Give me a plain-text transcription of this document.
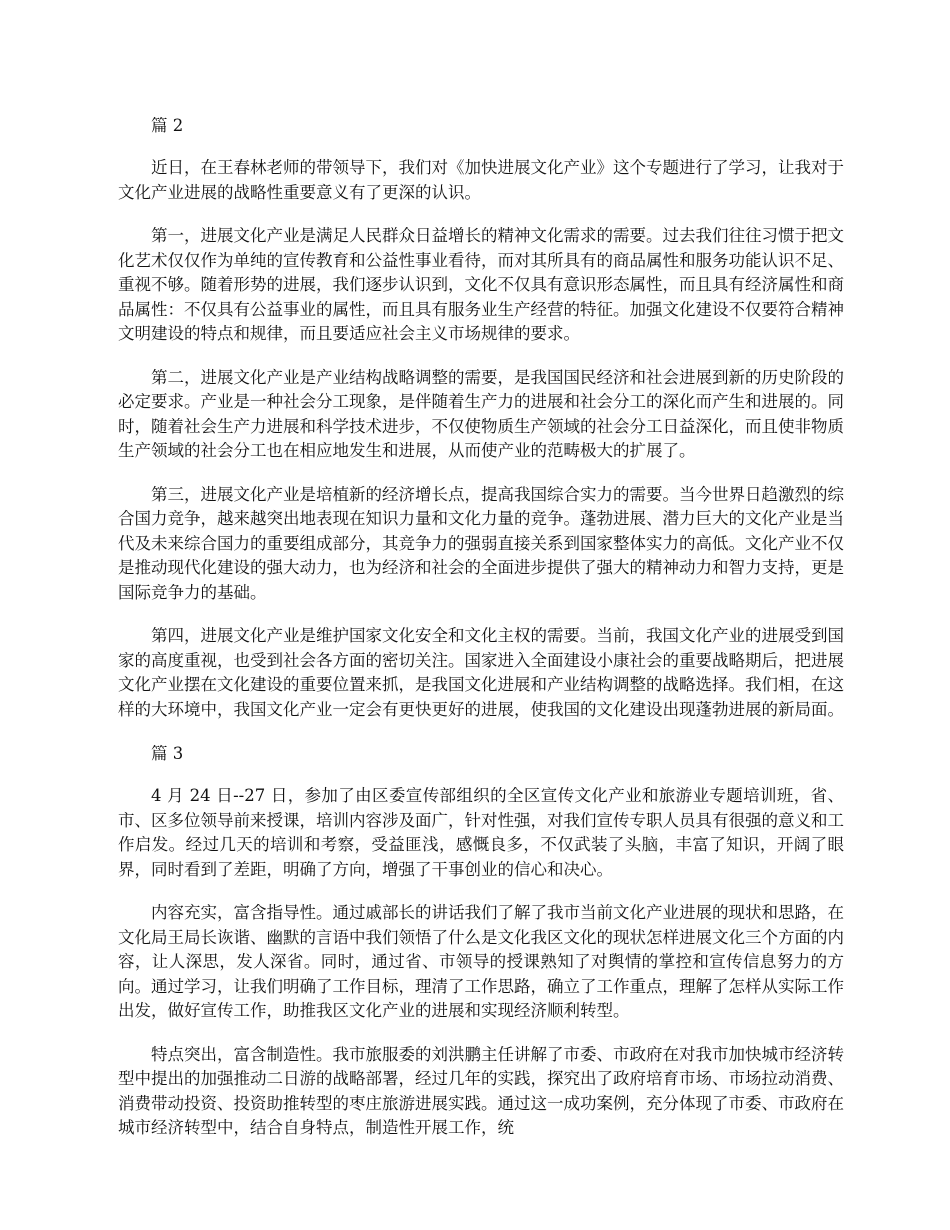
篇 2

近日，在王春林老师的带领导下，我们对《加快进展文化产业》这个专题进行了学习，让我对于文化产业进展的战略性重要意义有了更深的认识。

第一，进展文化产业是满足人民群众日益增长的精神文化需求的需要。过去我们往往习惯于把文化艺术仅仅作为单纯的宣传教育和公益性事业看待，而对其所具有的商品属性和服务功能认识不足、重视不够。随着形势的进展，我们逐步认识到，文化不仅具有意识形态属性，而且具有经济属性和商品属性：不仅具有公益事业的属性，而且具有服务业生产经营的特征。加强文化建设不仅要符合精神文明建设的特点和规律，而且要适应社会主义市场规律的要求。

第二，进展文化产业是产业结构战略调整的需要，是我国国民经济和社会进展到新的历史阶段的必定要求。产业是一种社会分工现象，是伴随着生产力的进展和社会分工的深化而产生和进展的。同时，随着社会生产力进展和科学技术进步，不仅使物质生产领域的社会分工日益深化，而且使非物质生产领域的社会分工也在相应地发生和进展，从而使产业的范畴极大的扩展了。

第三，进展文化产业是培植新的经济增长点，提高我国综合实力的需要。当今世界日趋激烈的综合国力竞争，越来越突出地表现在知识力量和文化力量的竞争。蓬勃进展、潜力巨大的文化产业是当代及未来综合国力的重要组成部分，其竞争力的强弱直接关系到国家整体实力的高低。文化产业不仅是推动现代化建设的强大动力，也为经济和社会的全面进步提供了强大的精神动力和智力支持，更是国际竞争力的基础。

第四，进展文化产业是维护国家文化安全和文化主权的需要。当前，我国文化产业的进展受到国家的高度重视，也受到社会各方面的密切关注。国家进入全面建设小康社会的重要战略期后，把进展文化产业摆在文化建设的重要位置来抓，是我国文化进展和产业结构调整的战略选择。我们相，在这样的大环境中，我国文化产业一定会有更快更好的进展，使我国的文化建设出现蓬勃进展的新局面。

篇 3

4 月 24 日--27 日，参加了由区委宣传部组织的全区宣传文化产业和旅游业专题培训班，省、市、区多位领导前来授课，培训内容涉及面广，针对性强，对我们宣传专职人员具有很强的意义和工作启发。经过几天的培训和考察，受益匪浅，感慨良多，不仅武装了头脑，丰富了知识，开阔了眼界，同时看到了差距，明确了方向，增强了干事创业的信心和决心。

内容充实，富含指导性。通过戚部长的讲话我们了解了我市当前文化产业进展的现状和思路，在文化局王局长诙谐、幽默的言语中我们领悟了什么是文化我区文化的现状怎样进展文化三个方面的内容，让人深思，发人深省。同时，通过省、市领导的授课熟知了对舆情的掌控和宣传信息努力的方向。通过学习，让我们明确了工作目标，理清了工作思路，确立了工作重点，理解了怎样从实际工作出发，做好宣传工作，助推我区文化产业的进展和实现经济顺利转型。

特点突出，富含制造性。我市旅服委的刘洪鹏主任讲解了市委、市政府在对我市加快城市经济转型中提出的加强推动二日游的战略部署，经过几年的实践，探究出了政府培育市场、市场拉动消费、消费带动投资、投资助推转型的枣庄旅游进展实践。通过这一成功案例，充分体现了市委、市政府在城市经济转型中，结合自身特点，制造性开展工作，统
